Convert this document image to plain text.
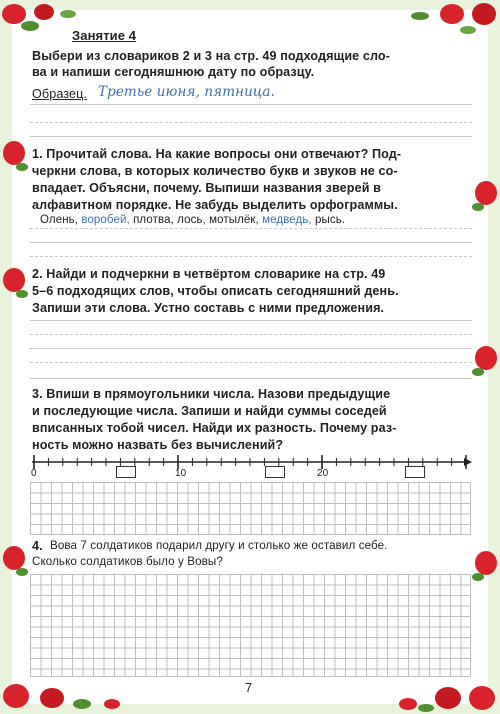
Занятие 4
Выбери из словариков 2 и 3 на стр. 49 подходящие сло-
ва и напиши сегодняшнюю дату по образцу.
Образец. Третье июня, пятница.
1. Прочитай слова. На какие вопросы они отвечают? Под-
черкни слова, в которых количество букв и звуков не со-
впадает. Объясни, почему. Выпиши названия зверей в
алфавитном порядке. Не забудь выделить орфограммы.
Олень, воробей, плотва, лось, мотылёк, медведь, рысь.
2. Найди и подчеркни в четвёртом словарике на стр. 49
5–6 подходящих слов, чтобы описать сегодняшний день.
Запиши эти слова. Устно составь с ними предложения.
3. Впиши в прямоугольники числа. Назови предыдущие
и последующие числа. Запиши и найди суммы соседей
вписанных тобой чисел. Найди их разность. Почему раз-
ность можно назвать без вычислений?
0	10	20
4. Вова 7 солдатиков подарил другу и столько же оставил себе.
Сколько солдатиков было у Вовы?
7
